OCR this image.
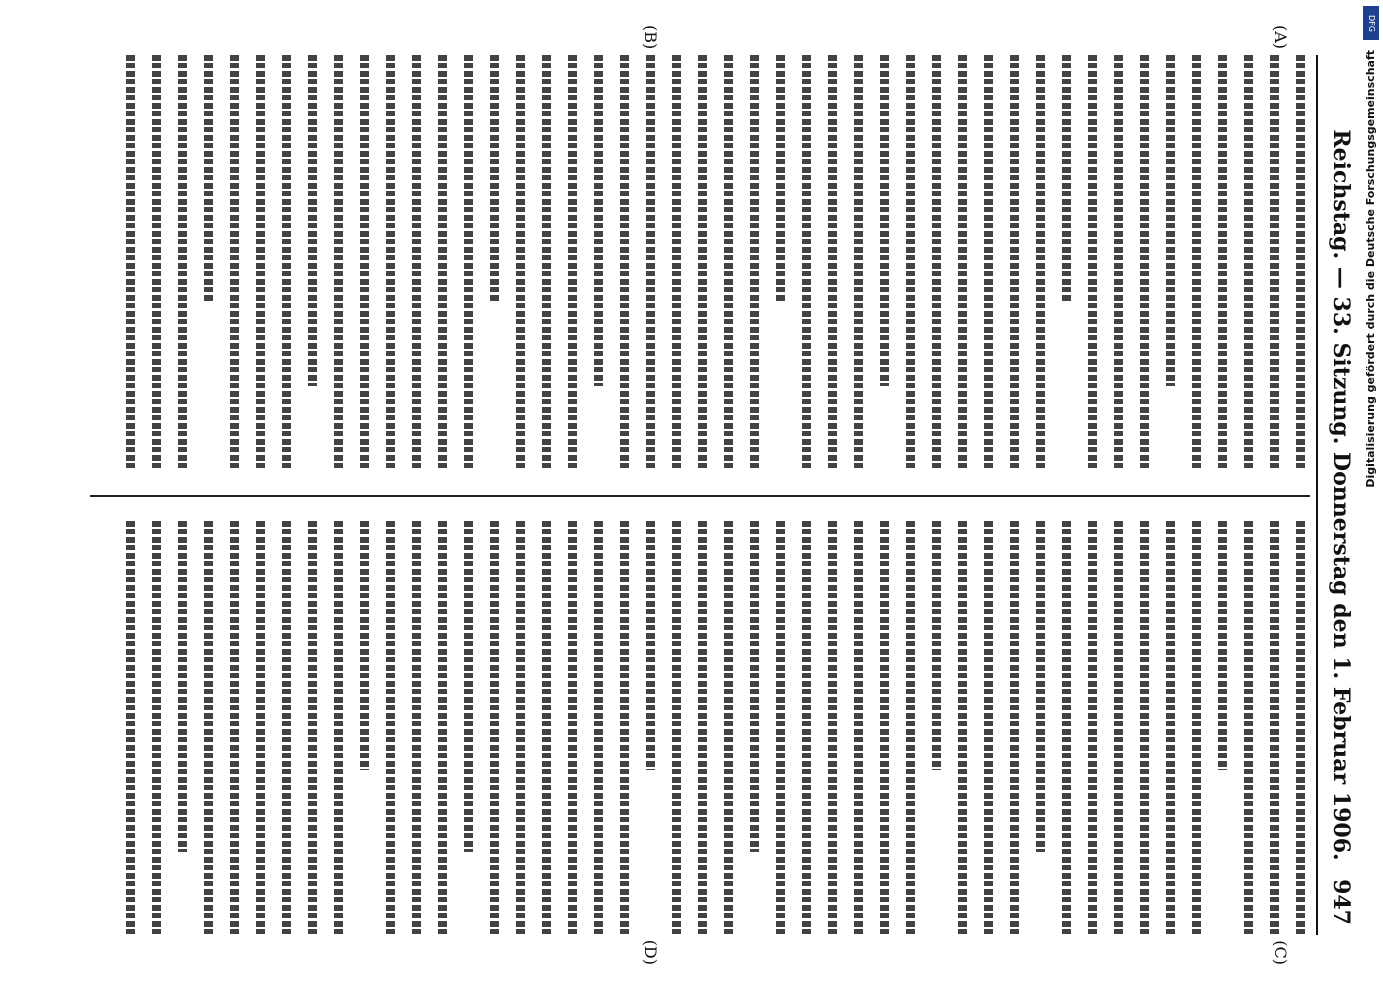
DFG
Digitalisierung gefördert durch die Deutsche Forschungsgemeinschaft
Reichstag. — 33. Sitzung. Donnerstag den 1. Februar 1906.
947
(A)
(B)
(C)
(D)
